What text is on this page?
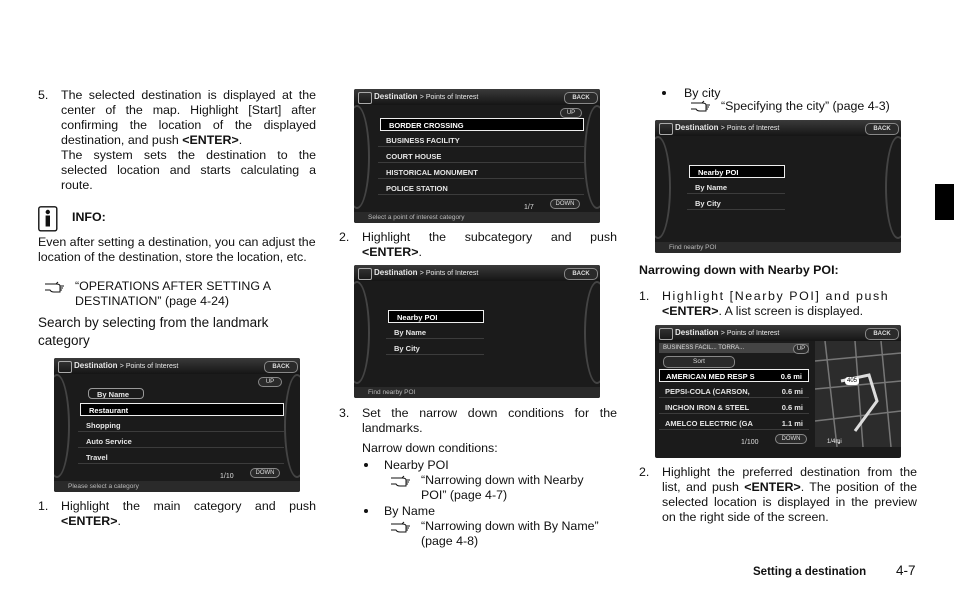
5. The selected destination is displayed at the center of the map. Highlight [Start] after confirming the location of the displayed destination, and push <ENTER>.
The system sets the destination to the selected location and starts calculating a route.
INFO:
Even after setting a destination, you can adjust the location of the destination, store the location, etc.
“OPERATIONS AFTER SETTING A DESTINATION” (page 4-24)
Search by selecting from the landmark category
Destination > Points of Interest	BACK
UP
By Name
Restaurant
Shopping
Auto Service
Travel
1/10	DOWN
Please select a category
1. Highlight the main category and push <ENTER>.
Destination > Points of Interest	BACK
UP
BORDER CROSSING
BUSINESS FACILITY
COURT HOUSE
HISTORICAL MONUMENT
POLICE STATION
1/7	DOWN
Select a point of interest category
2. Highlight the subcategory and push <ENTER>.
Destination > Points of Interest	BACK
Nearby POI
By Name
By City
Find nearby POI
3. Set the narrow down conditions for the landmarks.
Narrow down conditions:
Nearby POI
“Narrowing down with Nearby POI” (page 4-7)
By Name
“Narrowing down with By Name” (page 4-8)
By city
“Specifying the city” (page 4-3)
Destination > Points of Interest	BACK
Nearby POI
By Name
By City
Find nearby POI
Narrowing down with Nearby POI:
1. Highlight [Nearby POI] and push <ENTER>. A list screen is displayed.
Destination > Points of Interest	BACK
405
1/4mi
BUSINESS FACIL... TORRA...	UP
Sort
AMERICAN MED RESP S	0.6 mi
PEPSI-COLA (CARSON,	0.6 mi
INCHON IRON & STEEL	0.6 mi
AMELCO ELECTRIC (GA	1.1 mi
1/100	DOWN
2. Highlight the preferred destination from the list, and push <ENTER>. The position of the selected location is displayed in the preview on the right side of the screen.
Setting a destination 4-7
